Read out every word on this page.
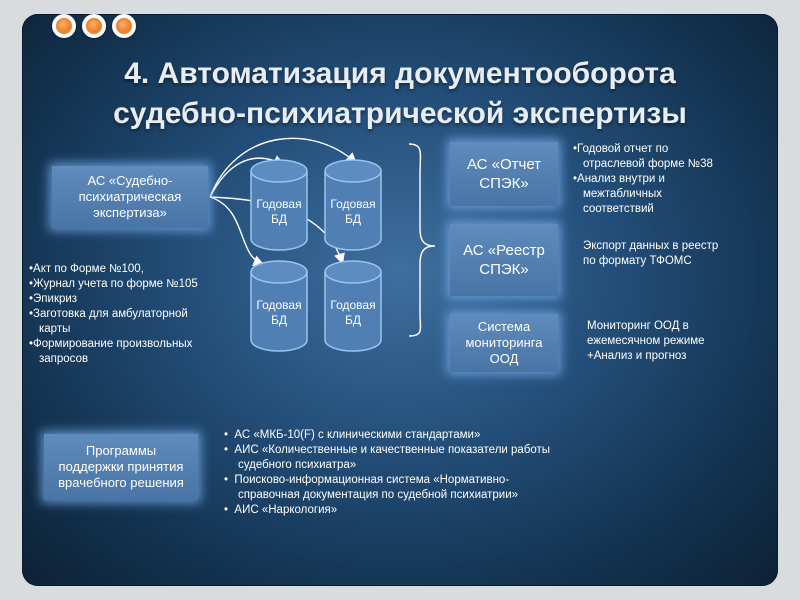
4. Автоматизация документооборота
судебно-психиатрической экспертизы
АС «Судебно-психиатрическая экспертиза»
Годовая БД
Годовая БД
Годовая БД
Годовая БД
АС «Отчет СПЭК»
АС «Реестр СПЭК»
Система мониторинга ООД
•Годовой отчет по
отраслевой форме №38
•Анализ внутри и
межтабличных
соответствий
Экспорт данных в реестр
по формату ТФОМС
Мониторинг ООД в
ежемесячном режиме
+Анализ и прогноз
•Акт по Форме №100,
•Журнал учета по форме №105
•Эпикриз
•Заготовка для амбулаторной
карты
•Формирование произвольных
запросов
Программы поддержки принятия врачебного решения
•  АС «МКБ-10(F) с клиническими стандартами»
•  АИС «Количественные и качественные показатели работы
судебного психиатра»
•  Поисково-информационная система «Нормативно-
справочная документация по судебной психиатрии»
•  АИС «Наркология»
